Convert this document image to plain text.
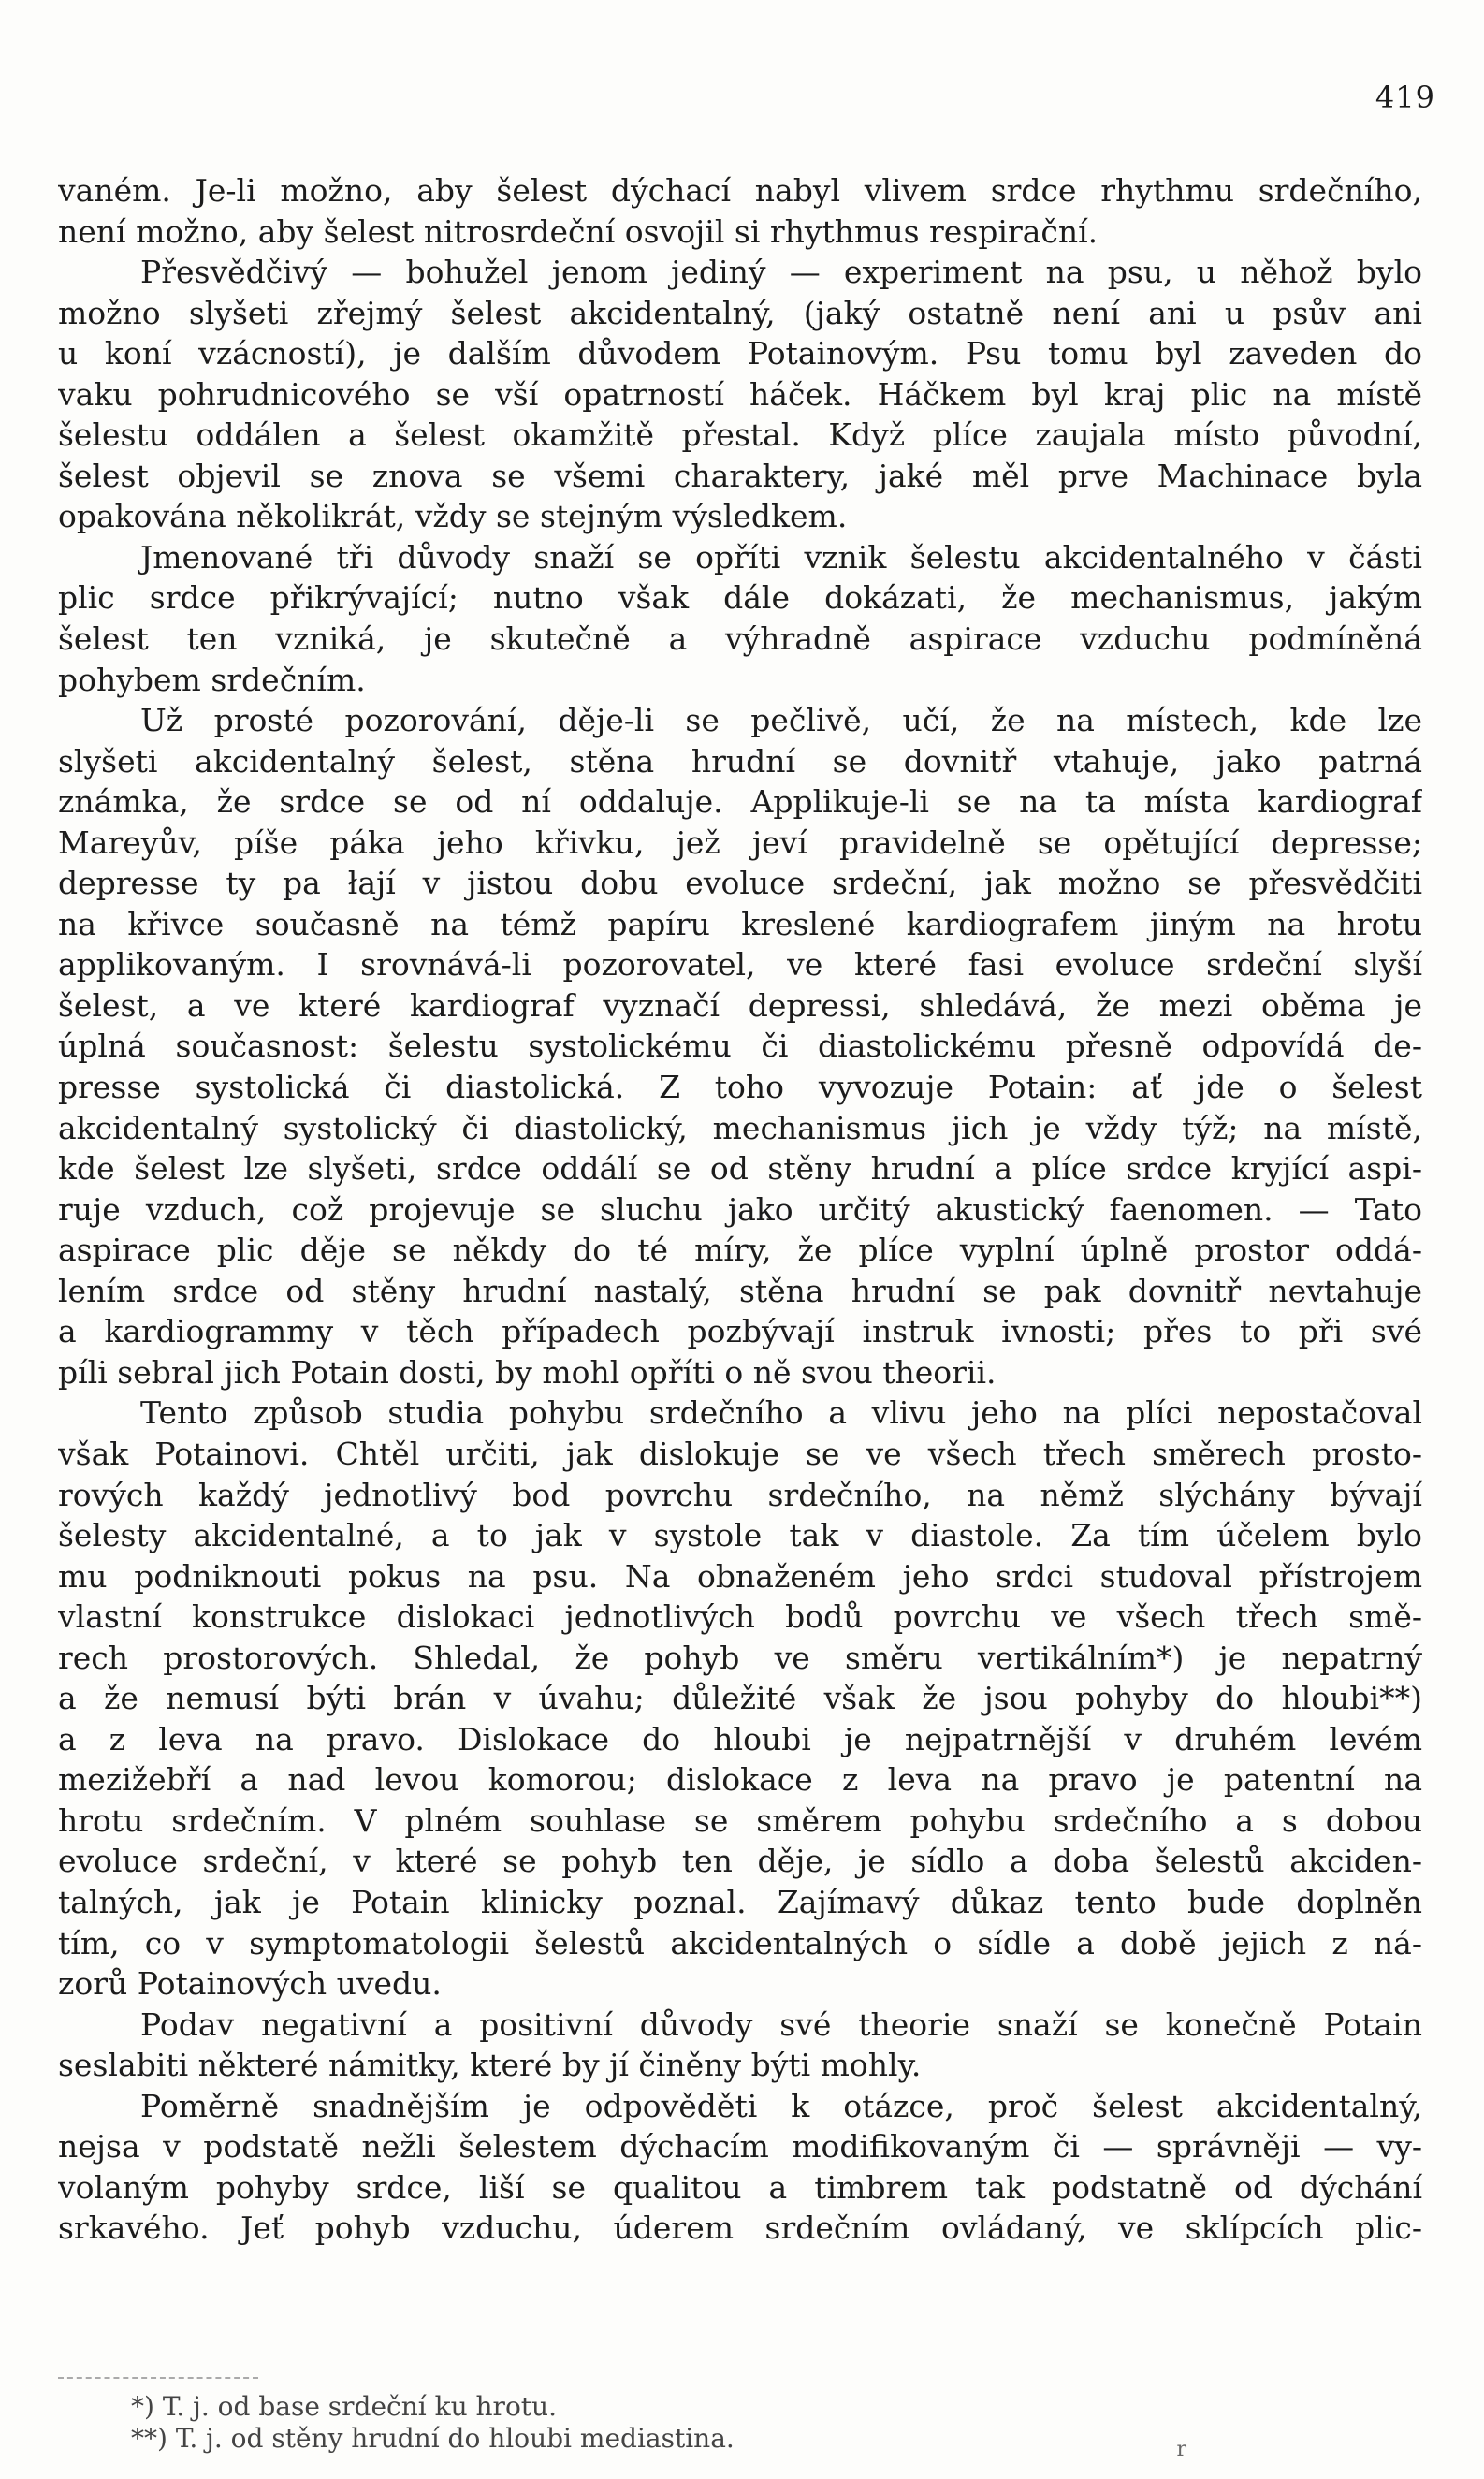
419
vaném. Je-li možno, aby šelest dýchací nabyl vlivem srdce rhythmu srdečního,
není možno, aby šelest nitrosrdeční osvojil si rhythmus respirační.
Přesvědčivý — bohužel jenom jediný — experiment na psu, u něhož bylo
možno slyšeti zřejmý šelest akcidentalný, (jaký ostatně není ani u psův ani
u koní vzácností), je dalším důvodem Potainovým. Psu tomu byl zaveden do
vaku pohrudnicového se vší opatrností háček. Háčkem byl kraj plic na místě
šelestu oddálen a šelest okamžitě přestal. Když plíce zaujala místo původní,
šelest objevil se znova se všemi charaktery, jaké měl prve Machinace byla
opakována několikrát, vždy se stejným výsledkem.
Jmenované tři důvody snaží se opříti vznik šelestu akcidentalného v části
plic srdce přikrývající; nutno však dále dokázati, že mechanismus, jakým
šelest ten vzniká, je skutečně a výhradně aspirace vzduchu podmíněná
pohybem srdečním.
Už prosté pozorování, děje-li se pečlivě, učí, že na místech, kde lze
slyšeti akcidentalný šelest, stěna hrudní se dovnitř vtahuje, jako patrná
známka, že srdce se od ní oddaluje. Applikuje-li se na ta místa kardiograf
Mareyův, píše páka jeho křivku, jež jeví pravidelně se opětující depresse;
depresse ty pa łají v jistou dobu evoluce srdeční, jak možno se přesvědčiti
na křivce současně na témž papíru kreslené kardiografem jiným na hrotu
applikovaným. I srovnává-li pozorovatel, ve které fasi evoluce srdeční slyší
šelest, a ve které kardiograf vyznačí depressi, shledává, že mezi oběma je
úplná současnost: šelestu systolickému či diastolickému přesně odpovídá de-
presse systolická či diastolická. Z toho vyvozuje Potain: ať jde o šelest
akcidentalný systolický či diastolický, mechanismus jich je vždy týž; na místě,
kde šelest lze slyšeti, srdce oddálí se od stěny hrudní a plíce srdce kryjící aspi-
ruje vzduch, což projevuje se sluchu jako určitý akustický faenomen. — Tato
aspirace plic děje se někdy do té míry, že plíce vyplní úplně prostor oddá-
lením srdce od stěny hrudní nastalý, stěna hrudní se pak dovnitř nevtahuje
a kardiogrammy v těch případech pozbývají instruk ivnosti; přes to při své
píli sebral jich Potain dosti, by mohl opříti o ně svou theorii.
Tento způsob studia pohybu srdečního a vlivu jeho na plíci nepostačoval
však Potainovi. Chtěl určiti, jak dislokuje se ve všech třech směrech prosto-
rových každý jednotlivý bod povrchu srdečního, na němž slýchány bývají
šelesty akcidentalné, a to jak v systole tak v diastole. Za tím účelem bylo
mu podniknouti pokus na psu. Na obnaženém jeho srdci studoval přístrojem
vlastní konstrukce dislokaci jednotlivých bodů povrchu ve všech třech smě-
rech prostorových. Shledal, že pohyb ve směru vertikálním*) je nepatrný
a že nemusí býti brán v úvahu; důležité však že jsou pohyby do hloubi**)
a z leva na pravo. Dislokace do hloubi je nejpatrnější v druhém levém
mezižebří a nad levou komorou; dislokace z leva na pravo je patentní na
hrotu srdečním. V plném souhlase se směrem pohybu srdečního a s dobou
evoluce srdeční, v které se pohyb ten děje, je sídlo a doba šelestů akciden-
talných, jak je Potain klinicky poznal. Zajímavý důkaz tento bude doplněn
tím, co v symptomatologii šelestů akcidentalných o sídle a době jejich z ná-
zorů Potainových uvedu.
Podav negativní a positivní důvody své theorie snaží se konečně Potain
seslabiti některé námitky, které by jí činěny býti mohly.
Poměrně snadnějším je odpověděti k otázce, proč šelest akcidentalný,
nejsa v podstatě nežli šelestem dýchacím modifikovaným či — správněji — vy-
volaným pohyby srdce, liší se qualitou a timbrem tak podstatně od dýchání
srkavého. Jeť pohyb vzduchu, úderem srdečním ovládaný, ve sklípcích plic-
*) T. j. od base srdeční ku hrotu.
**) T. j. od stěny hrudní do hloubi mediastina.	r
